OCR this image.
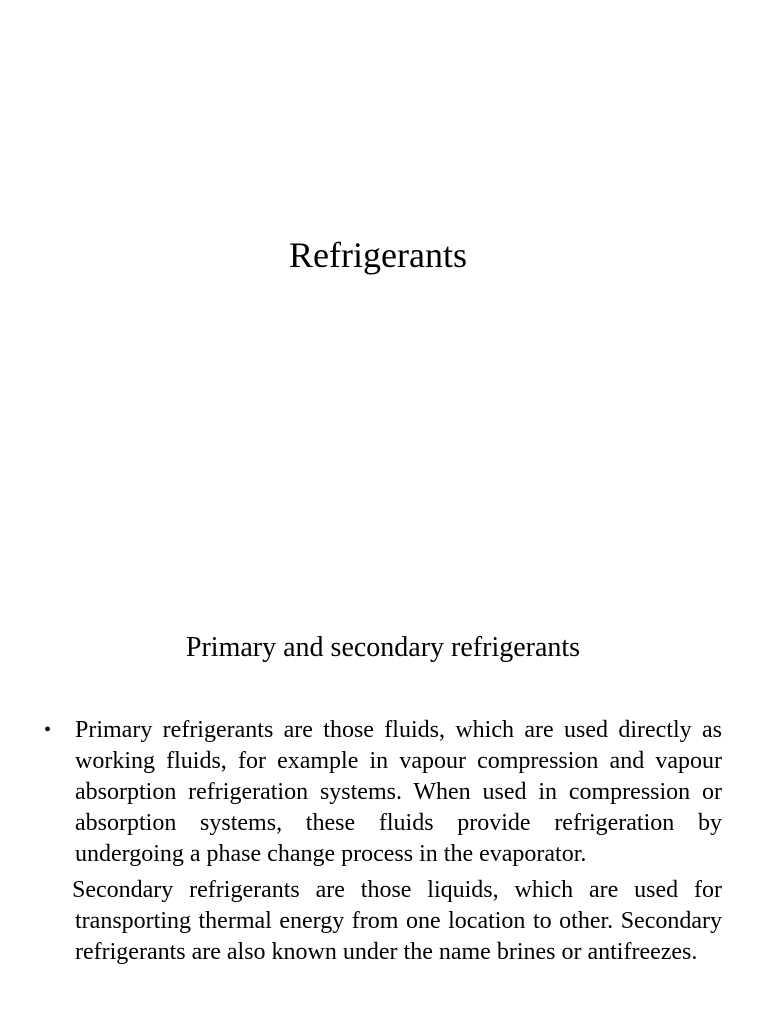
Refrigerants
Primary and secondary refrigerants

• Primary refrigerants are those fluids, which are used directly as working fluids, for example in vapour compression and vapour absorption refrigeration systems. When used in compression or absorption systems, these fluids provide refrigeration by undergoing a phase change process in the evaporator.

Secondary refrigerants are those liquids, which are used for transporting thermal energy from one location to other. Secondary refrigerants are also known under the name brines or antifreezes.
